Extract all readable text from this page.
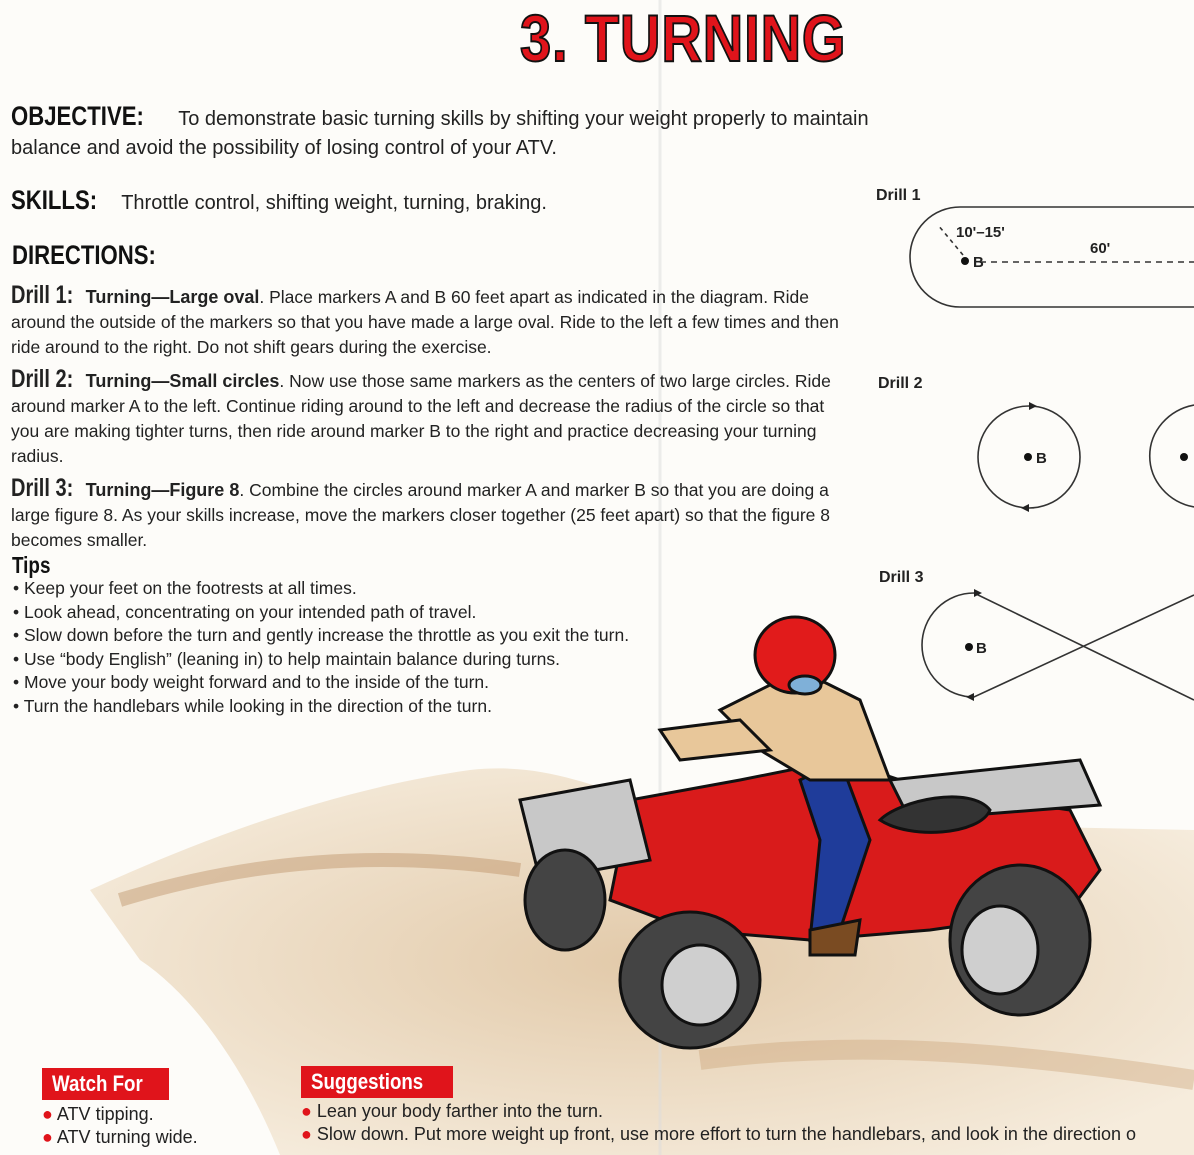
3. TURNING
OBJECTIVE: To demonstrate basic turning skills by shifting your weight properly to maintain
balance and avoid the possibility of losing control of your ATV.
SKILLS: Throttle control, shifting weight, turning, braking.
DIRECTIONS:
Drill 1: Turning—Large oval. Place markers A and B 60 feet apart as indicated in the diagram. Ride around the outside of the markers so that you have made a large oval. Ride to the left a few times and then ride around to the right. Do not shift gears during the exercise.
Drill 2: Turning—Small circles. Now use those same markers as the centers of two large circles. Ride around marker A to the left. Continue riding around to the left and decrease the radius of the circle so that you are making tighter turns, then ride around marker B to the right and practice decreasing your turning radius.
Drill 3: Turning—Figure 8. Combine the circles around marker A and marker B so that you are doing a large figure 8. As your skills increase, move the markers closer together (25 feet apart) so that the figure 8 becomes smaller.
Tips
• Keep your feet on the footrests at all times.
• Look ahead, concentrating on your intended path of travel.
• Slow down before the turn and gently increase the throttle as you exit the turn.
• Use “body English” (leaning in) to help maintain balance during turns.
• Move your body weight forward and to the inside of the turn.
• Turn the handlebars while looking in the direction of the turn.
Drill 1
Drill 2
Drill 3
10'–15'
60'
B
B
B
Watch For
● ATV tipping.
● ATV turning wide.
Suggestions
● Lean your body farther into the turn.
● Slow down. Put more weight up front, use more effort to turn the handlebars, and look in the direction o
